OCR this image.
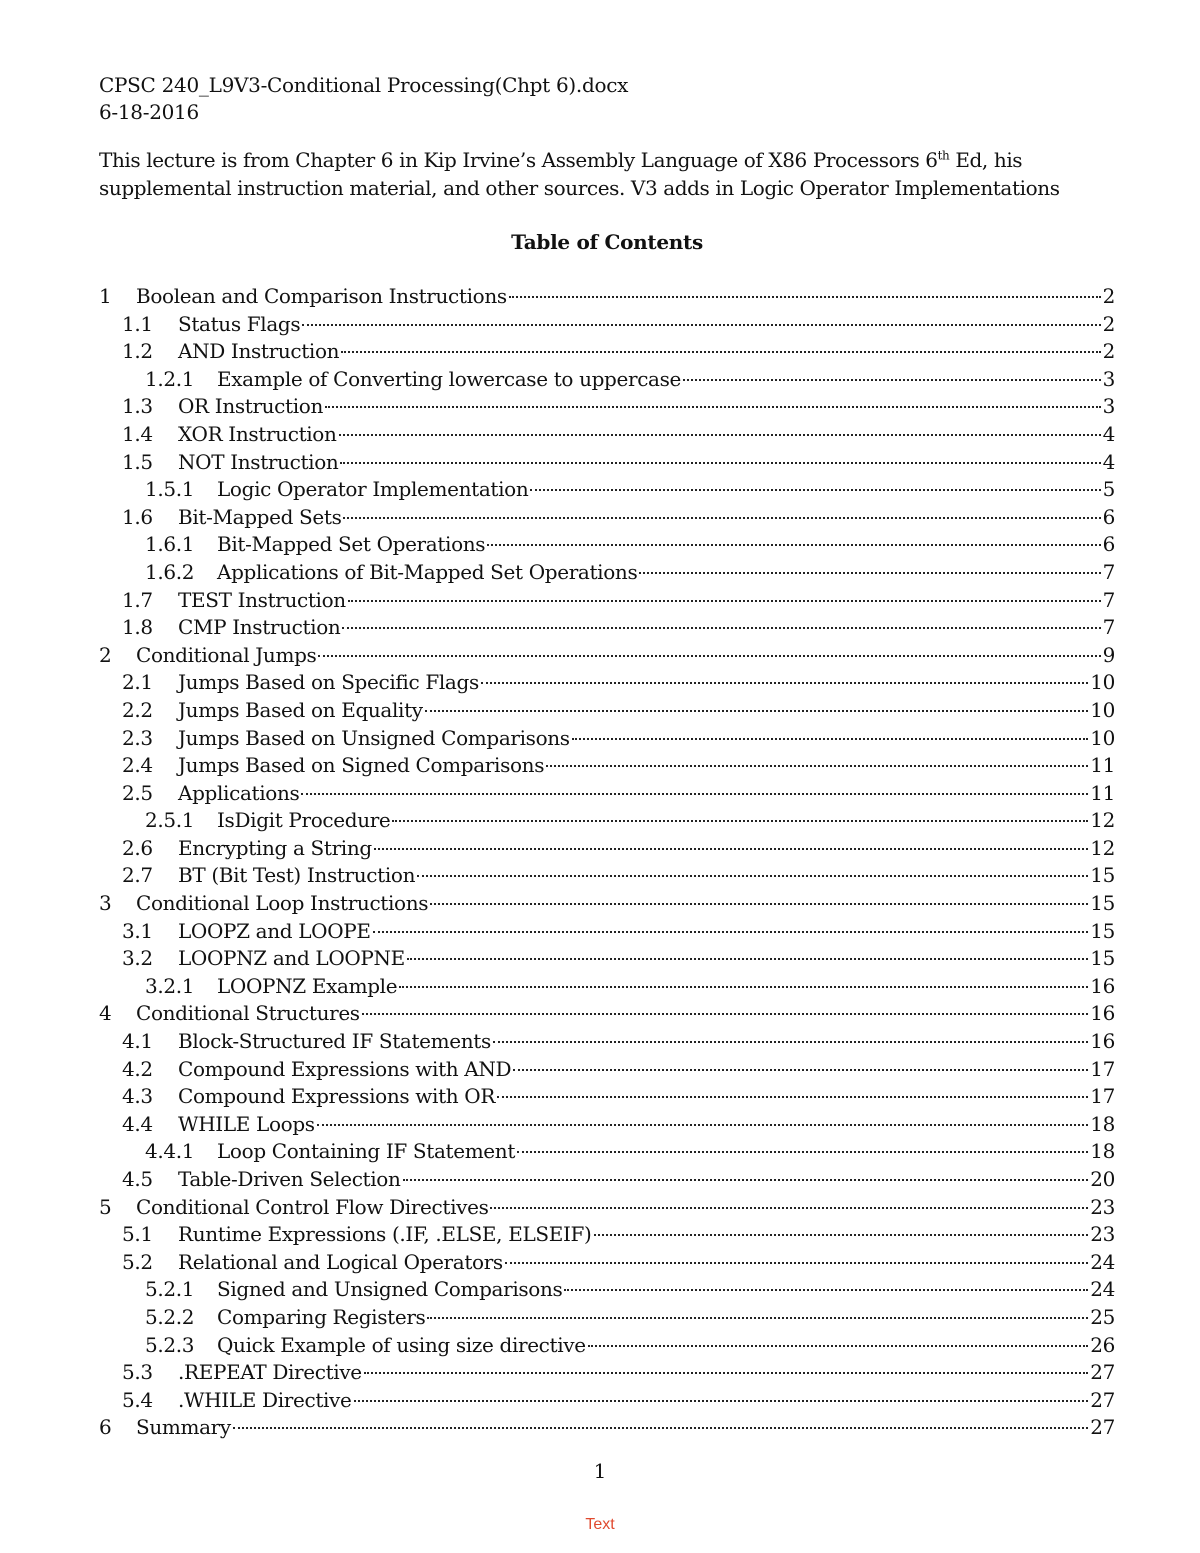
CPSC 240_L9V3-Conditional Processing(Chpt 6).docx
6-18-2016
This lecture is from Chapter 6 in Kip Irvine’s Assembly Language of X86 Processors 6th Ed, his supplemental instruction material, and other sources. V3 adds in Logic Operator Implementations
Table of Contents
1	Boolean and Comparison Instructions	2
1.1	Status Flags	2
1.2	AND Instruction	2
1.2.1	Example of Converting lowercase to uppercase	3
1.3	OR Instruction	3
1.4	XOR Instruction	4
1.5	NOT Instruction	4
1.5.1	Logic Operator Implementation	5
1.6	Bit-Mapped Sets	6
1.6.1	Bit-Mapped Set Operations	6
1.6.2	Applications of Bit-Mapped Set Operations	7
1.7	TEST Instruction	7
1.8	CMP Instruction	7
2	Conditional Jumps	9
2.1	Jumps Based on Specific Flags	10
2.2	Jumps Based on Equality	10
2.3	Jumps Based on Unsigned Comparisons	10
2.4	Jumps Based on Signed Comparisons	11
2.5	Applications	11
2.5.1	IsDigit Procedure	12
2.6	Encrypting a String	12
2.7	BT (Bit Test) Instruction	15
3	Conditional Loop Instructions	15
3.1	LOOPZ and LOOPE	15
3.2	LOOPNZ and LOOPNE	15
3.2.1	LOOPNZ Example	16
4	Conditional Structures	16
4.1	Block-Structured IF Statements	16
4.2	Compound Expressions with AND	17
4.3	Compound Expressions with OR	17
4.4	WHILE Loops	18
4.4.1	Loop Containing IF Statement	18
4.5	Table-Driven Selection	20
5	Conditional Control Flow Directives	23
5.1	Runtime Expressions (.IF, .ELSE, ELSEIF)	23
5.2	Relational and Logical Operators	24
5.2.1	Signed and Unsigned Comparisons	24
5.2.2	Comparing Registers	25
5.2.3	Quick Example of using size directive	26
5.3	.REPEAT Directive	27
5.4	.WHILE Directive	27
6	Summary	27
1
Text
